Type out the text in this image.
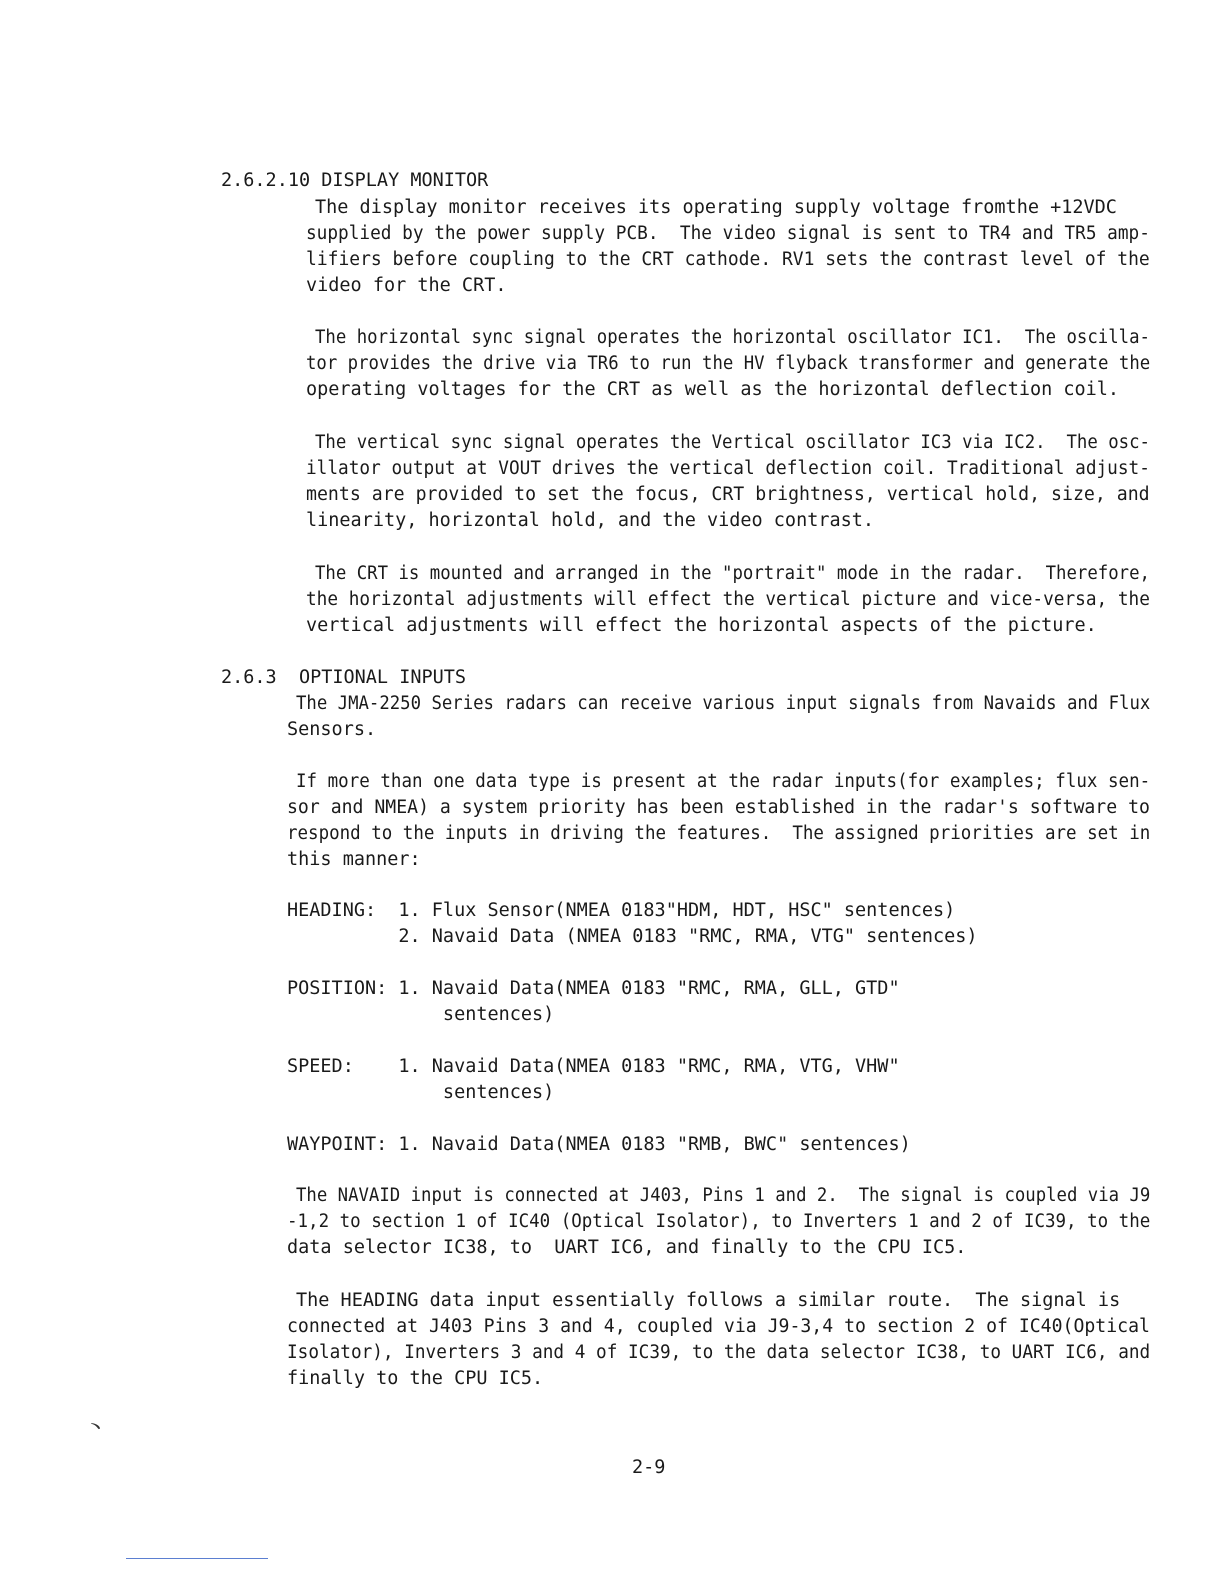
2.6.2.10 DISPLAY MONITOR
The display monitor receives its operating supply voltage fromthe +12VDC
supplied by the power supply PCB.  The video signal is sent to TR4 and TR5 amp-
lifiers before coupling to the CRT cathode. RV1 sets the contrast level of the
video for the CRT.
The horizontal sync signal operates the horizontal oscillator IC1.  The oscilla-
tor provides the drive via TR6 to run the HV flyback transformer and generate the
operating voltages for the CRT as well as the horizontal deflection coil.
The vertical sync signal operates the Vertical oscillator IC3 via IC2.  The osc-
illator output at VOUT drives the vertical deflection coil. Traditional adjust-
ments are provided to set the focus, CRT brightness, vertical hold, size, and
linearity, horizontal hold, and the video contrast.
The CRT is mounted and arranged in the "portrait" mode in the radar.  Therefore,
the horizontal adjustments will effect the vertical picture and vice-versa, the
vertical adjustments will effect the horizontal aspects of the picture.
2.6.3  OPTIONAL INPUTS
The JMA-2250 Series radars can receive various input signals from Navaids and Flux
Sensors.
If more than one data type is present at the radar inputs(for examples; flux sen-
sor and NMEA) a system priority has been established in the radar's software to
respond to the inputs in driving the features.  The assigned priorities are set in
this manner:
HEADING:  1. Flux Sensor(NMEA 0183"HDM, HDT, HSC" sentences)
2. Navaid Data (NMEA 0183 "RMC, RMA, VTG" sentences)
POSITION: 1. Navaid Data(NMEA 0183 "RMC, RMA, GLL, GTD"
sentences)
SPEED:    1. Navaid Data(NMEA 0183 "RMC, RMA, VTG, VHW"
sentences)
WAYPOINT: 1. Navaid Data(NMEA 0183 "RMB, BWC" sentences)
The NAVAID input is connected at J403, Pins 1 and 2.  The signal is coupled via J9
-1,2 to section 1 of IC40 (Optical Isolator), to Inverters 1 and 2 of IC39, to the
data selector IC38, to  UART IC6, and finally to the CPU IC5.
The HEADING data input essentially follows a similar route.  The signal is
connected at J403 Pins 3 and 4, coupled via J9-3,4 to section 2 of IC40(Optical
Isolator), Inverters 3 and 4 of IC39, to the data selector IC38, to UART IC6, and
finally to the CPU IC5.
ヽ
2-9
